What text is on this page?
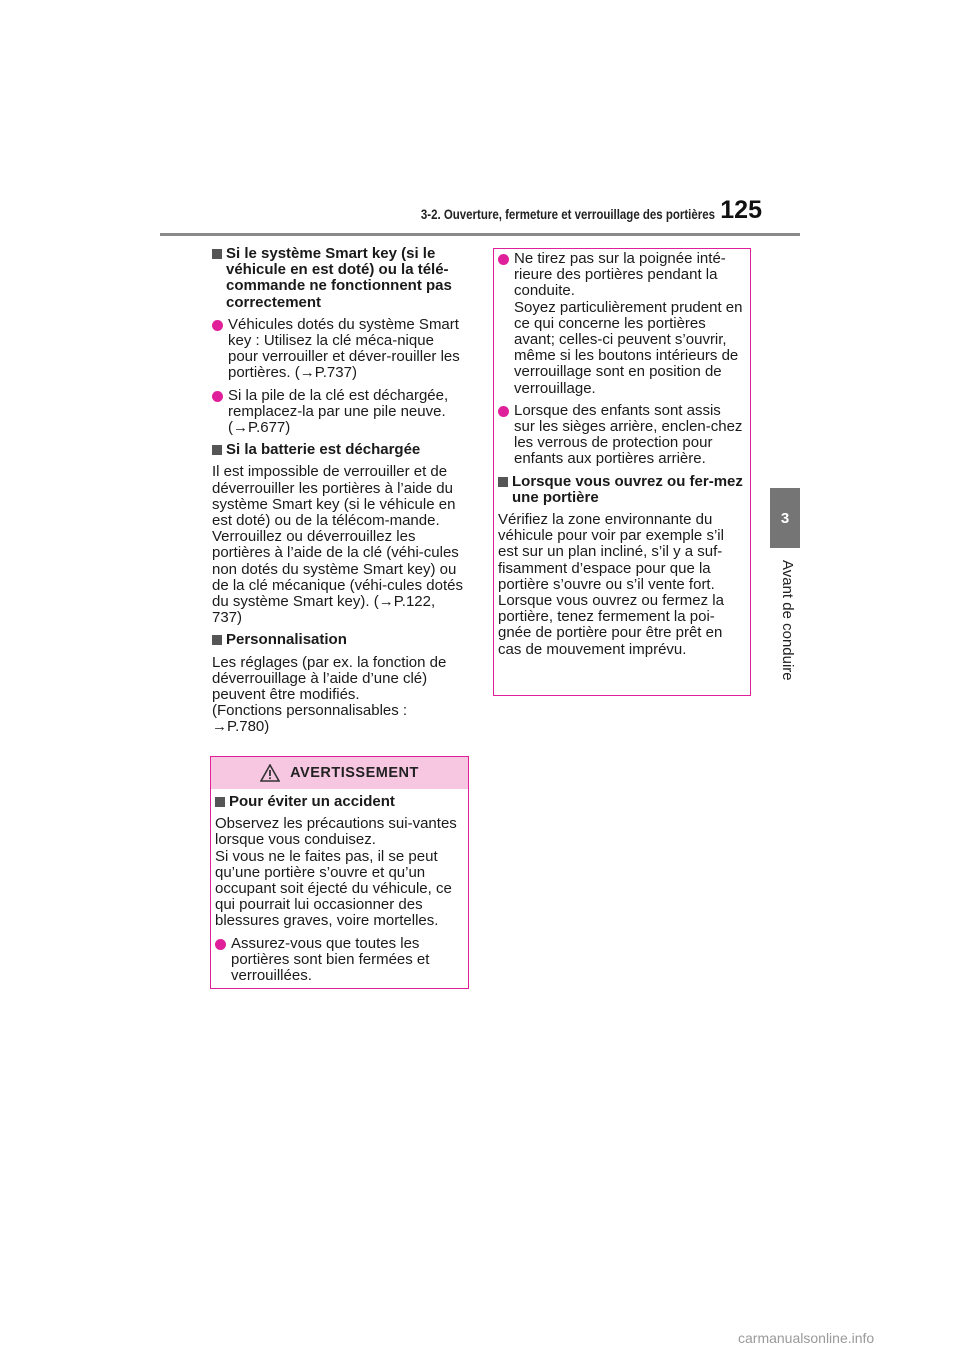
3-2. Ouverture, fermeture et verrouillage des portières 125
3
Avant de conduire
Si le système Smart key (si le véhicule en est doté) ou la télé-commande ne fonctionnent pas correctement
Véhicules dotés du système Smart key : Utilisez la clé méca-nique pour verrouiller et déver-rouiller les portières. (→P.737)
Si la pile de la clé est déchargée, remplacez-la par une pile neuve. (→P.677)
Si la batterie est déchargée
Il est impossible de verrouiller et de déverrouiller les portières à l’aide du système Smart key (si le véhicule en est doté) ou de la télécom-mande. Verrouillez ou déverrouillez les portières à l’aide de la clé (véhi-cules non dotés du système Smart key) ou de la clé mécanique (véhi-cules dotés du système Smart key). (→P.122, 737)
Personnalisation
Les réglages (par ex. la fonction de déverrouillage à l’aide d’une clé) peuvent être modifiés.
(Fonctions personnalisables :
→P.780)
AVERTISSEMENT
Pour éviter un accident
Observez les précautions sui-vantes lorsque vous conduisez.
Si vous ne le faites pas, il se peut qu’une portière s’ouvre et qu’un occupant soit éjecté du véhicule, ce qui pourrait lui occasionner des blessures graves, voire mortelles.
Assurez-vous que toutes les portières sont bien fermées et verrouillées.
Ne tirez pas sur la poignée inté-rieure des portières pendant la conduite.
Soyez particulièrement prudent en ce qui concerne les portières avant; celles-ci peuvent s’ouvrir, même si les boutons intérieurs de verrouillage sont en position de verrouillage.
Lorsque des enfants sont assis sur les sièges arrière, enclen-chez les verrous de protection pour enfants aux portières arrière.
Lorsque vous ouvrez ou fer-mez une portière
Vérifiez la zone environnante du véhicule pour voir par exemple s’il est sur un plan incliné, s’il y a suf-fisamment d’espace pour que la portière s’ouvre ou s’il vente fort. Lorsque vous ouvrez ou fermez la portière, tenez fermement la poi-gnée de portière pour être prêt en cas de mouvement imprévu.
carmanualsonline.info
